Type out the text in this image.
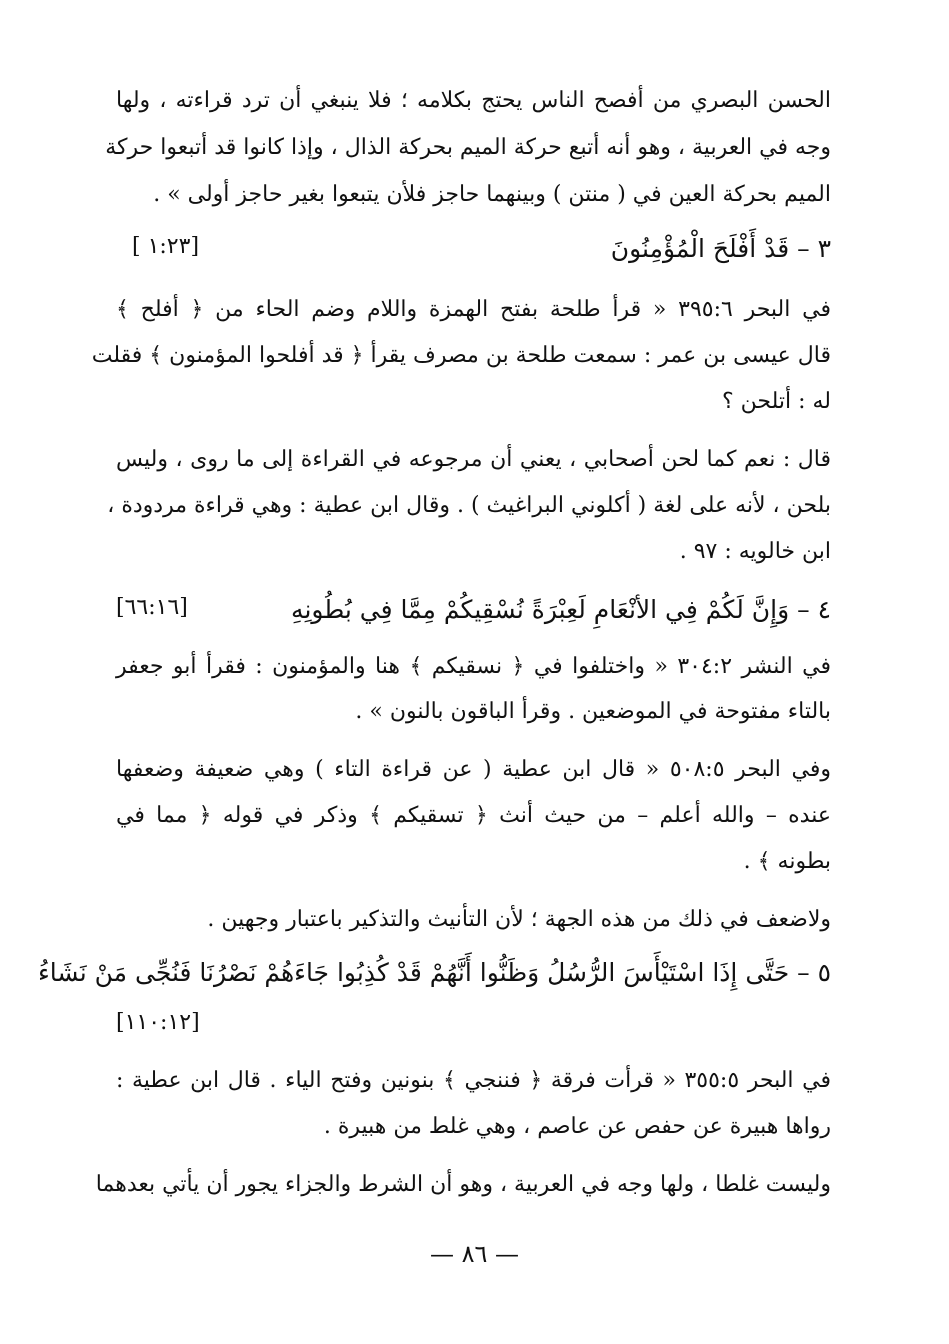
الحسن البصري من أفصح الناس يحتج بكلامه ؛ فلا ينبغي أن ترد قراءته ، ولها
وجه في العربية ، وهو أنه أتبع حركة الميم بحركة الذال ، وإذا كانوا قد أتبعوا حركة
الميم بحركة العين في ( منتن ) وبينهما حاجز فلأن يتبعوا بغير حاجز أولى » .
٣ – قَدْ أَفْلَحَ الْمُؤْمِنُونَ
[١:٢٣ ]
في البحر ٣٩٥:٦ « قرأ طلحة بفتح الهمزة واللام وضم الحاء من ﴿ أفلح ﴾
قال عيسى بن عمر : سمعت طلحة بن مصرف يقرأ ﴿ قد أفلحوا المؤمنون ﴾ فقلت
له : أتلحن ؟
قال : نعم كما لحن أصحابي ، يعني أن مرجوعه في القراءة إلى ما روى ، وليس
بلحن ، لأنه على لغة ( أكلوني البراغيث ) . وقال ابن عطية : وهي قراءة مردودة ،
ابن خالويه : ٩٧ .
٤ – وَإِنَّ لَكُمْ فِي الأنْعَامِ لَعِبْرَةً نُسْقِيكُمْ مِمَّا فِي بُطُونِهِ
[٦٦:١٦]
في النشر ٣٠٤:٢ « واختلفوا في ﴿ نسقيكم ﴾ هنا والمؤمنون : فقرأ أبو جعفر
بالتاء مفتوحة في الموضعين . وقرأ الباقون بالنون » .
وفي البحر ٥٠٨:٥ « قال ابن عطية ( عن قراءة التاء ) وهي ضعيفة وضعفها
عنده – والله أعلم – من حيث أنث ﴿ تسقيكم ﴾ وذكر في قوله ﴿ مما في
بطونه ﴾ .
ولاضعف في ذلك من هذه الجهة ؛ لأن التأنيث والتذكير باعتبار وجهين .
٥ – حَتَّى إِذَا اسْتَيْأَسَ الرُّسُلُ وَظَنُّوا أَنَّهُمْ قَدْ كُذِبُوا جَاءَهُمْ نَصْرُنَا فَنُجِّى مَنْ نَشَاءُ
[١١٠:١٢]
في البحر ٣٥٥:٥ « قرأت فرقة ﴿ فننجي ﴾ بنونين وفتح الياء . قال ابن عطية :
رواها هبيرة عن حفص عن عاصم ، وهي غلط من هبيرة .
وليست غلطا ، ولها وجه في العربية ، وهو أن الشرط والجزاء يجور أن يأتي بعدهما
— ٨٦ —
